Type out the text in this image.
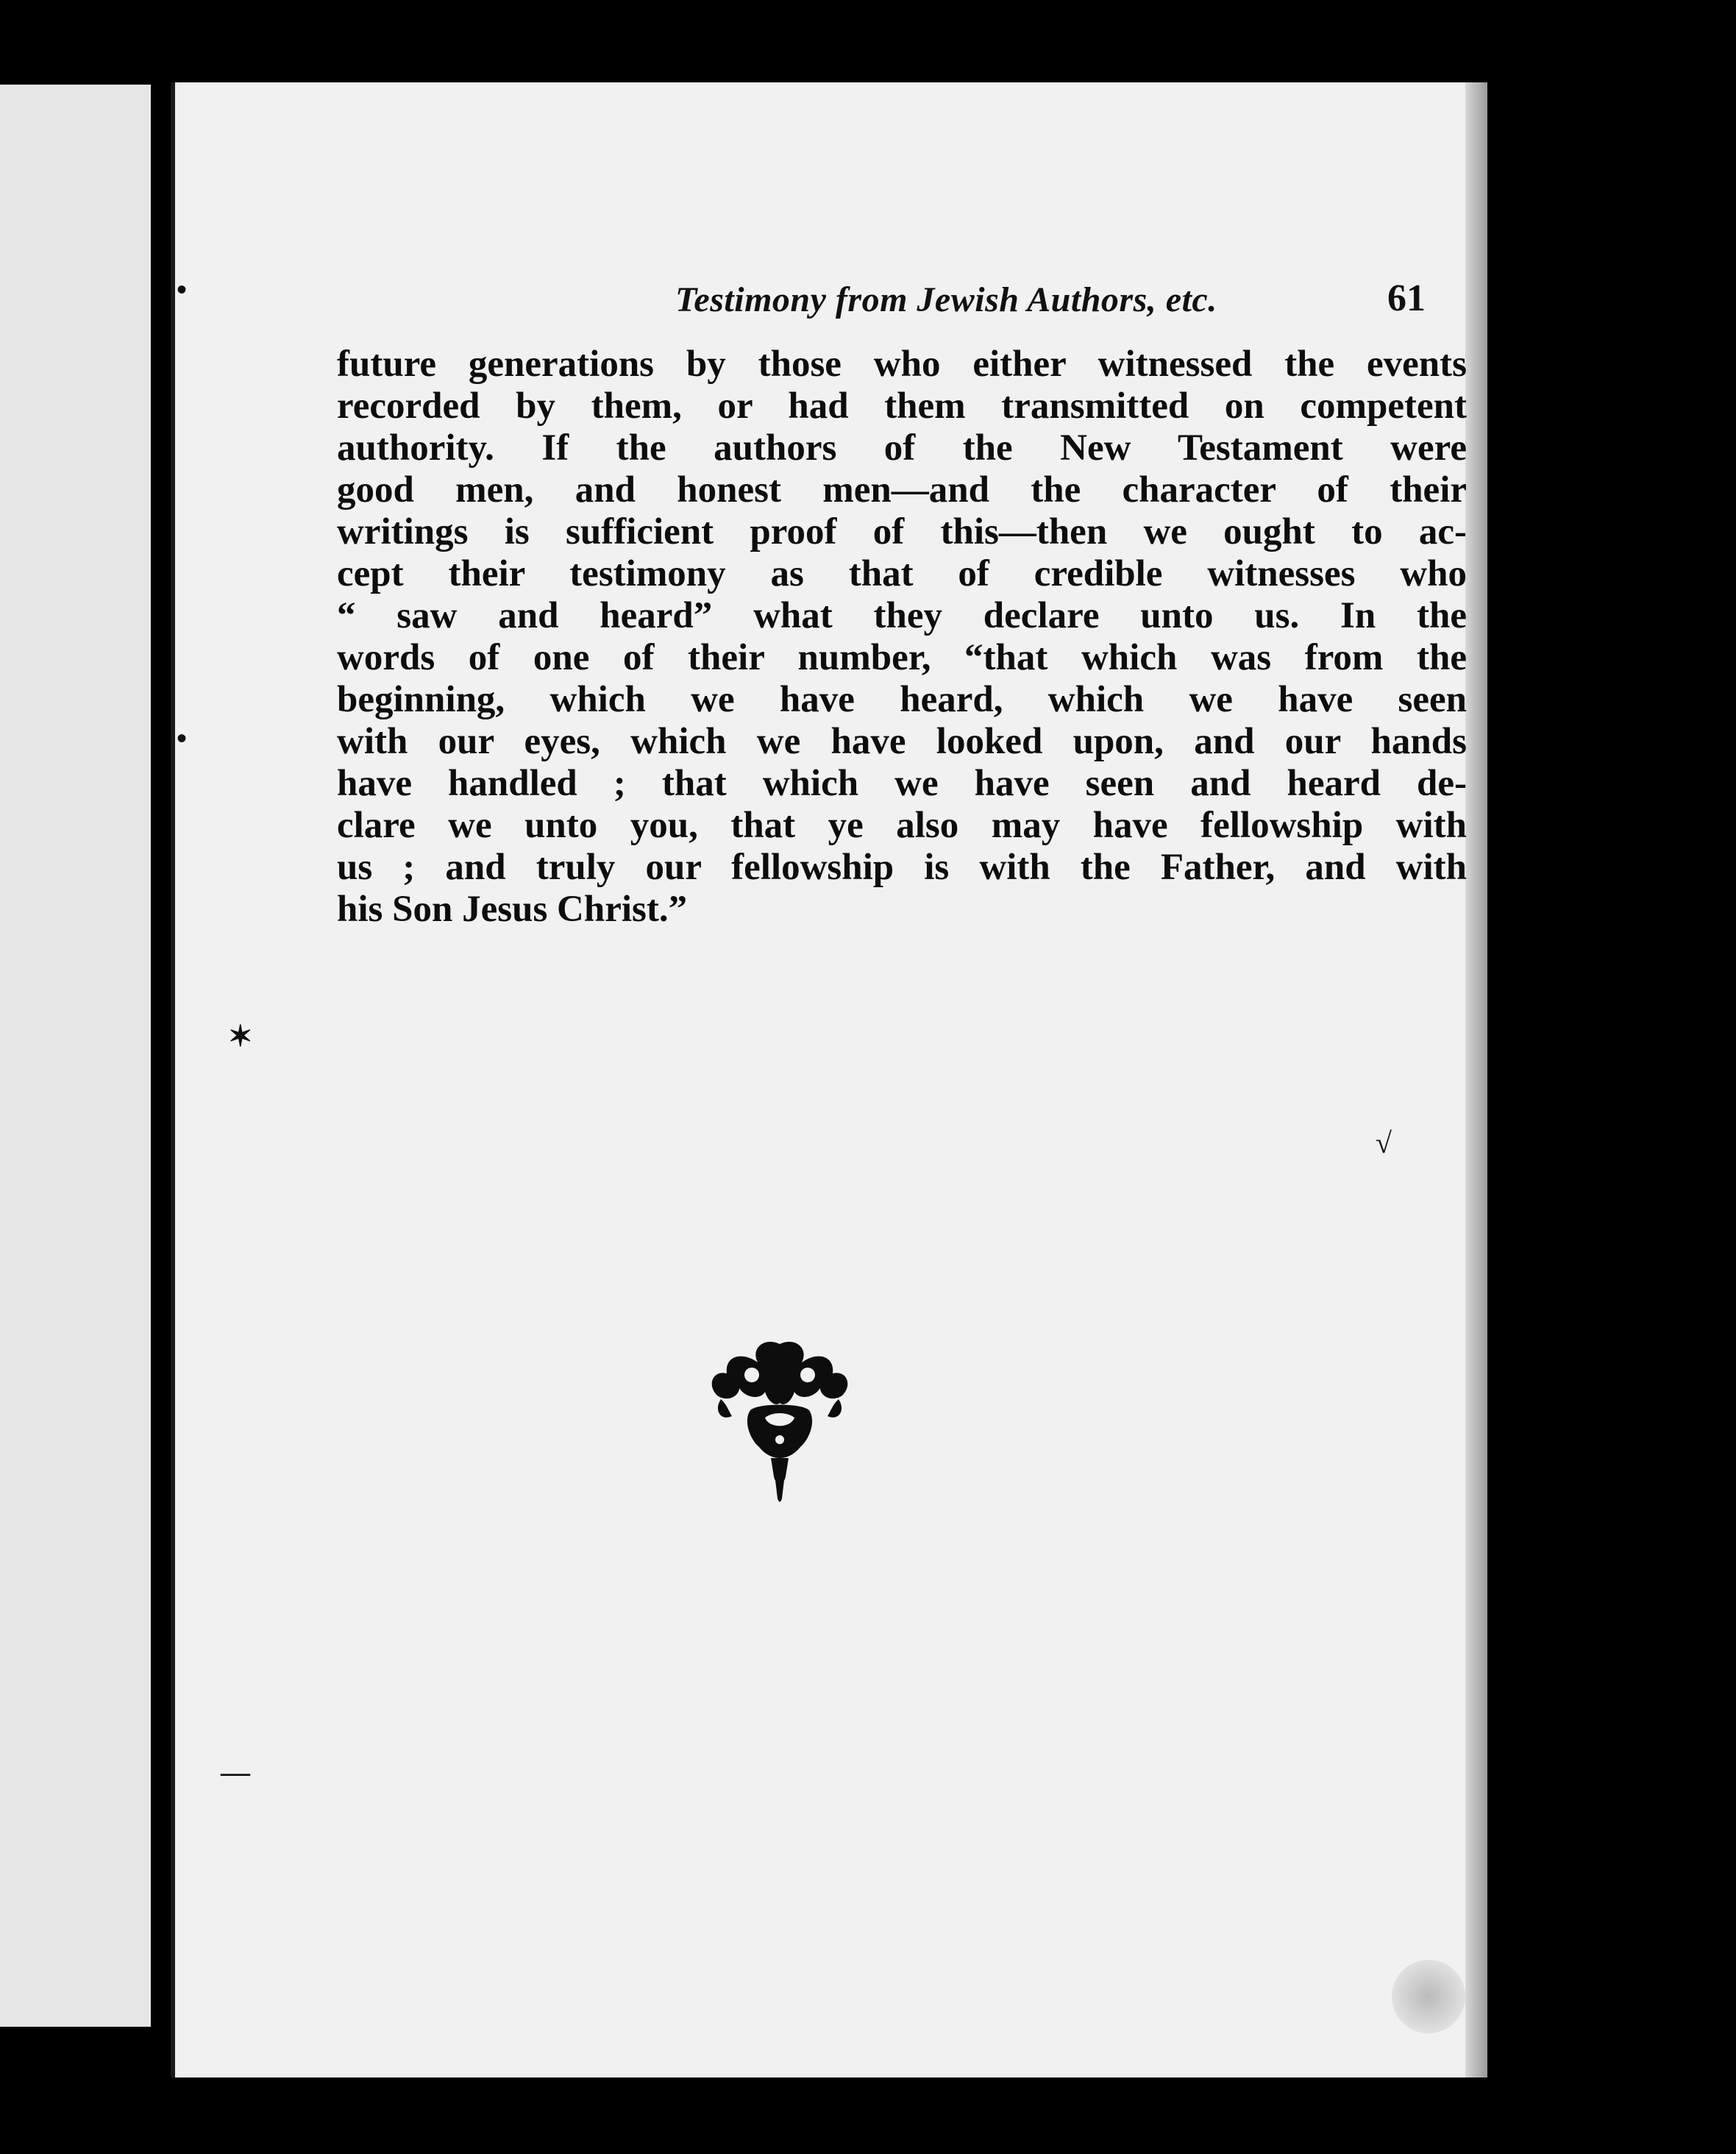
Testimony from Jewish Authors, etc.	61
future generations by those who either witnessed the events
recorded by them, or had them transmitted on competent
authority. If the authors of the New Testament were
good men, and honest men—and the character of their
writings is sufficient proof of this—then we ought to ac-
cept their testimony as that of credible witnesses who
“ saw and heard” what they declare unto us. In the
words of one of their number, “that which was from the
beginning, which we have heard, which we have seen
with our eyes, which we have looked upon, and our hands
have handled ; that which we have seen and heard de-
clare we unto you, that ye also may have fellowship with
us ; and truly our fellowship is with the Father, and with
his Son Jesus Christ.”
•
•
✶
—
√
